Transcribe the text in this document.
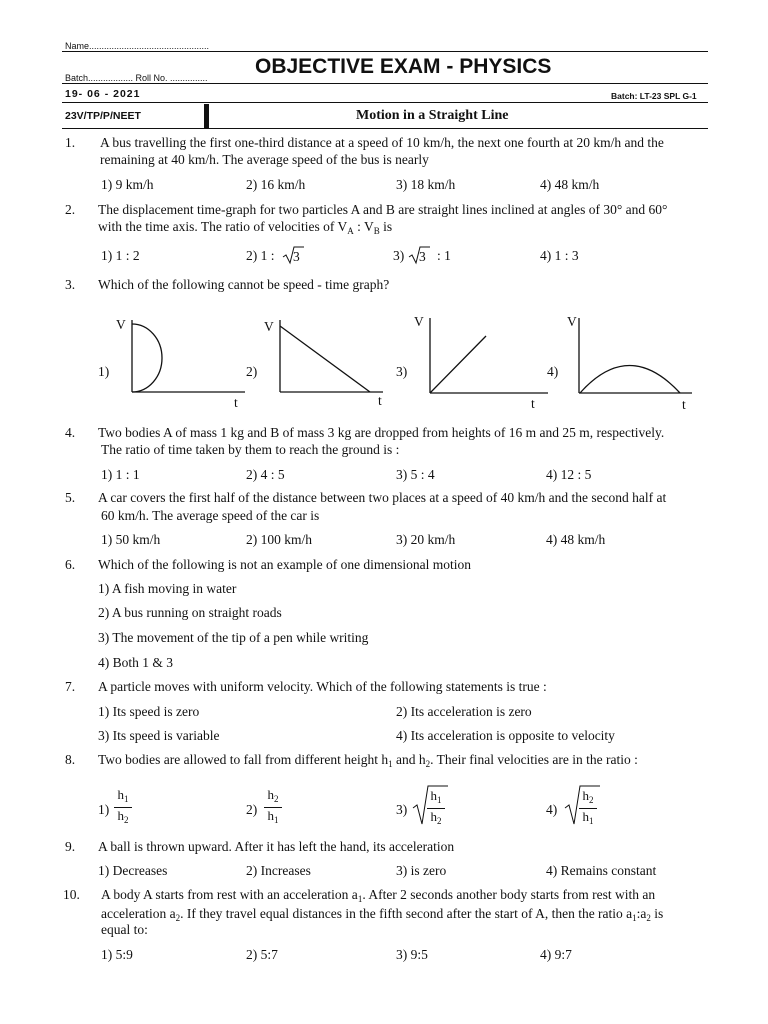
Name................................................
Batch.................. Roll No. ............... OBJECTIVE EXAM - PHYSICS
19- 06 - 2021	Batch: LT-23 SPL G-1
23V/TP/P/NEET	Motion in a Straight Line
1. A bus travelling the first one-third distance at a speed of 10 km/h, the next one fourth at 20 km/h and the
remaining at 40 km/h. The average speed of the bus is nearly
1) 9 km/h	2) 16 km/h	3) 18 km/h	4) 48 km/h
2. The displacement time-graph for two particles A and B are straight lines inclined at angles of 30° and 60°
with the time axis. The ratio of velocities of $V_A$ : $V_B$ is
1) 1 : 2	2) 1 : 3	3) 3 : 1	4) 1 : 3
3. Which of the following cannot be speed - time graph?
1)
V
t
2)
V
t
3)
V
t
4)
V
t
4. Two bodies A of mass 1 kg and B of mass 3 kg are dropped from heights of 16 m and 25 m, respectively.
The ratio of time taken by them to reach the ground is :
1) 1 : 1	2) 4 : 5	3) 5 : 4	4) 12 : 5
5. A car covers the first half of the distance between two places at a speed of 40 km/h and the second half at
60 km/h. The average speed of the car is
1) 50 km/h	2) 100 km/h	3) 20 km/h	4) 48 km/h
6. Which of the following is not an example of one dimensional motion
1) A fish moving in water
2) A bus running on straight roads
3) The movement of the tip of a pen while writing
4) Both 1 & 3
7. A particle moves with uniform velocity. Which of the following statements is true :
1) Its speed is zero	2) Its acceleration is zero
3) Its speed is variable	4) Its acceleration is opposite to velocity
8. Two bodies are allowed to fall from different height $h_1$ and $h_2$. Their final velocities are in the ratio :
1)
$h_1$
$h_2$
2)
$h_2$
$h_1$
3)
$h_1$
$h_2$
4)
$h_2$
$h_1$
9. A ball is thrown upward. After it has left the hand, its acceleration
1) Decreases	2) Increases	3) is zero	4) Remains constant
10. A body A starts from rest with an acceleration $a_1$. After 2 seconds another body starts from rest with an
acceleration $a_2$. If they travel equal distances in the fifth second after the start of A, then the ratio $a_1:a_2$ is
equal to:
1) 5:9	2) 5:7	3) 9:5	4) 9:7
